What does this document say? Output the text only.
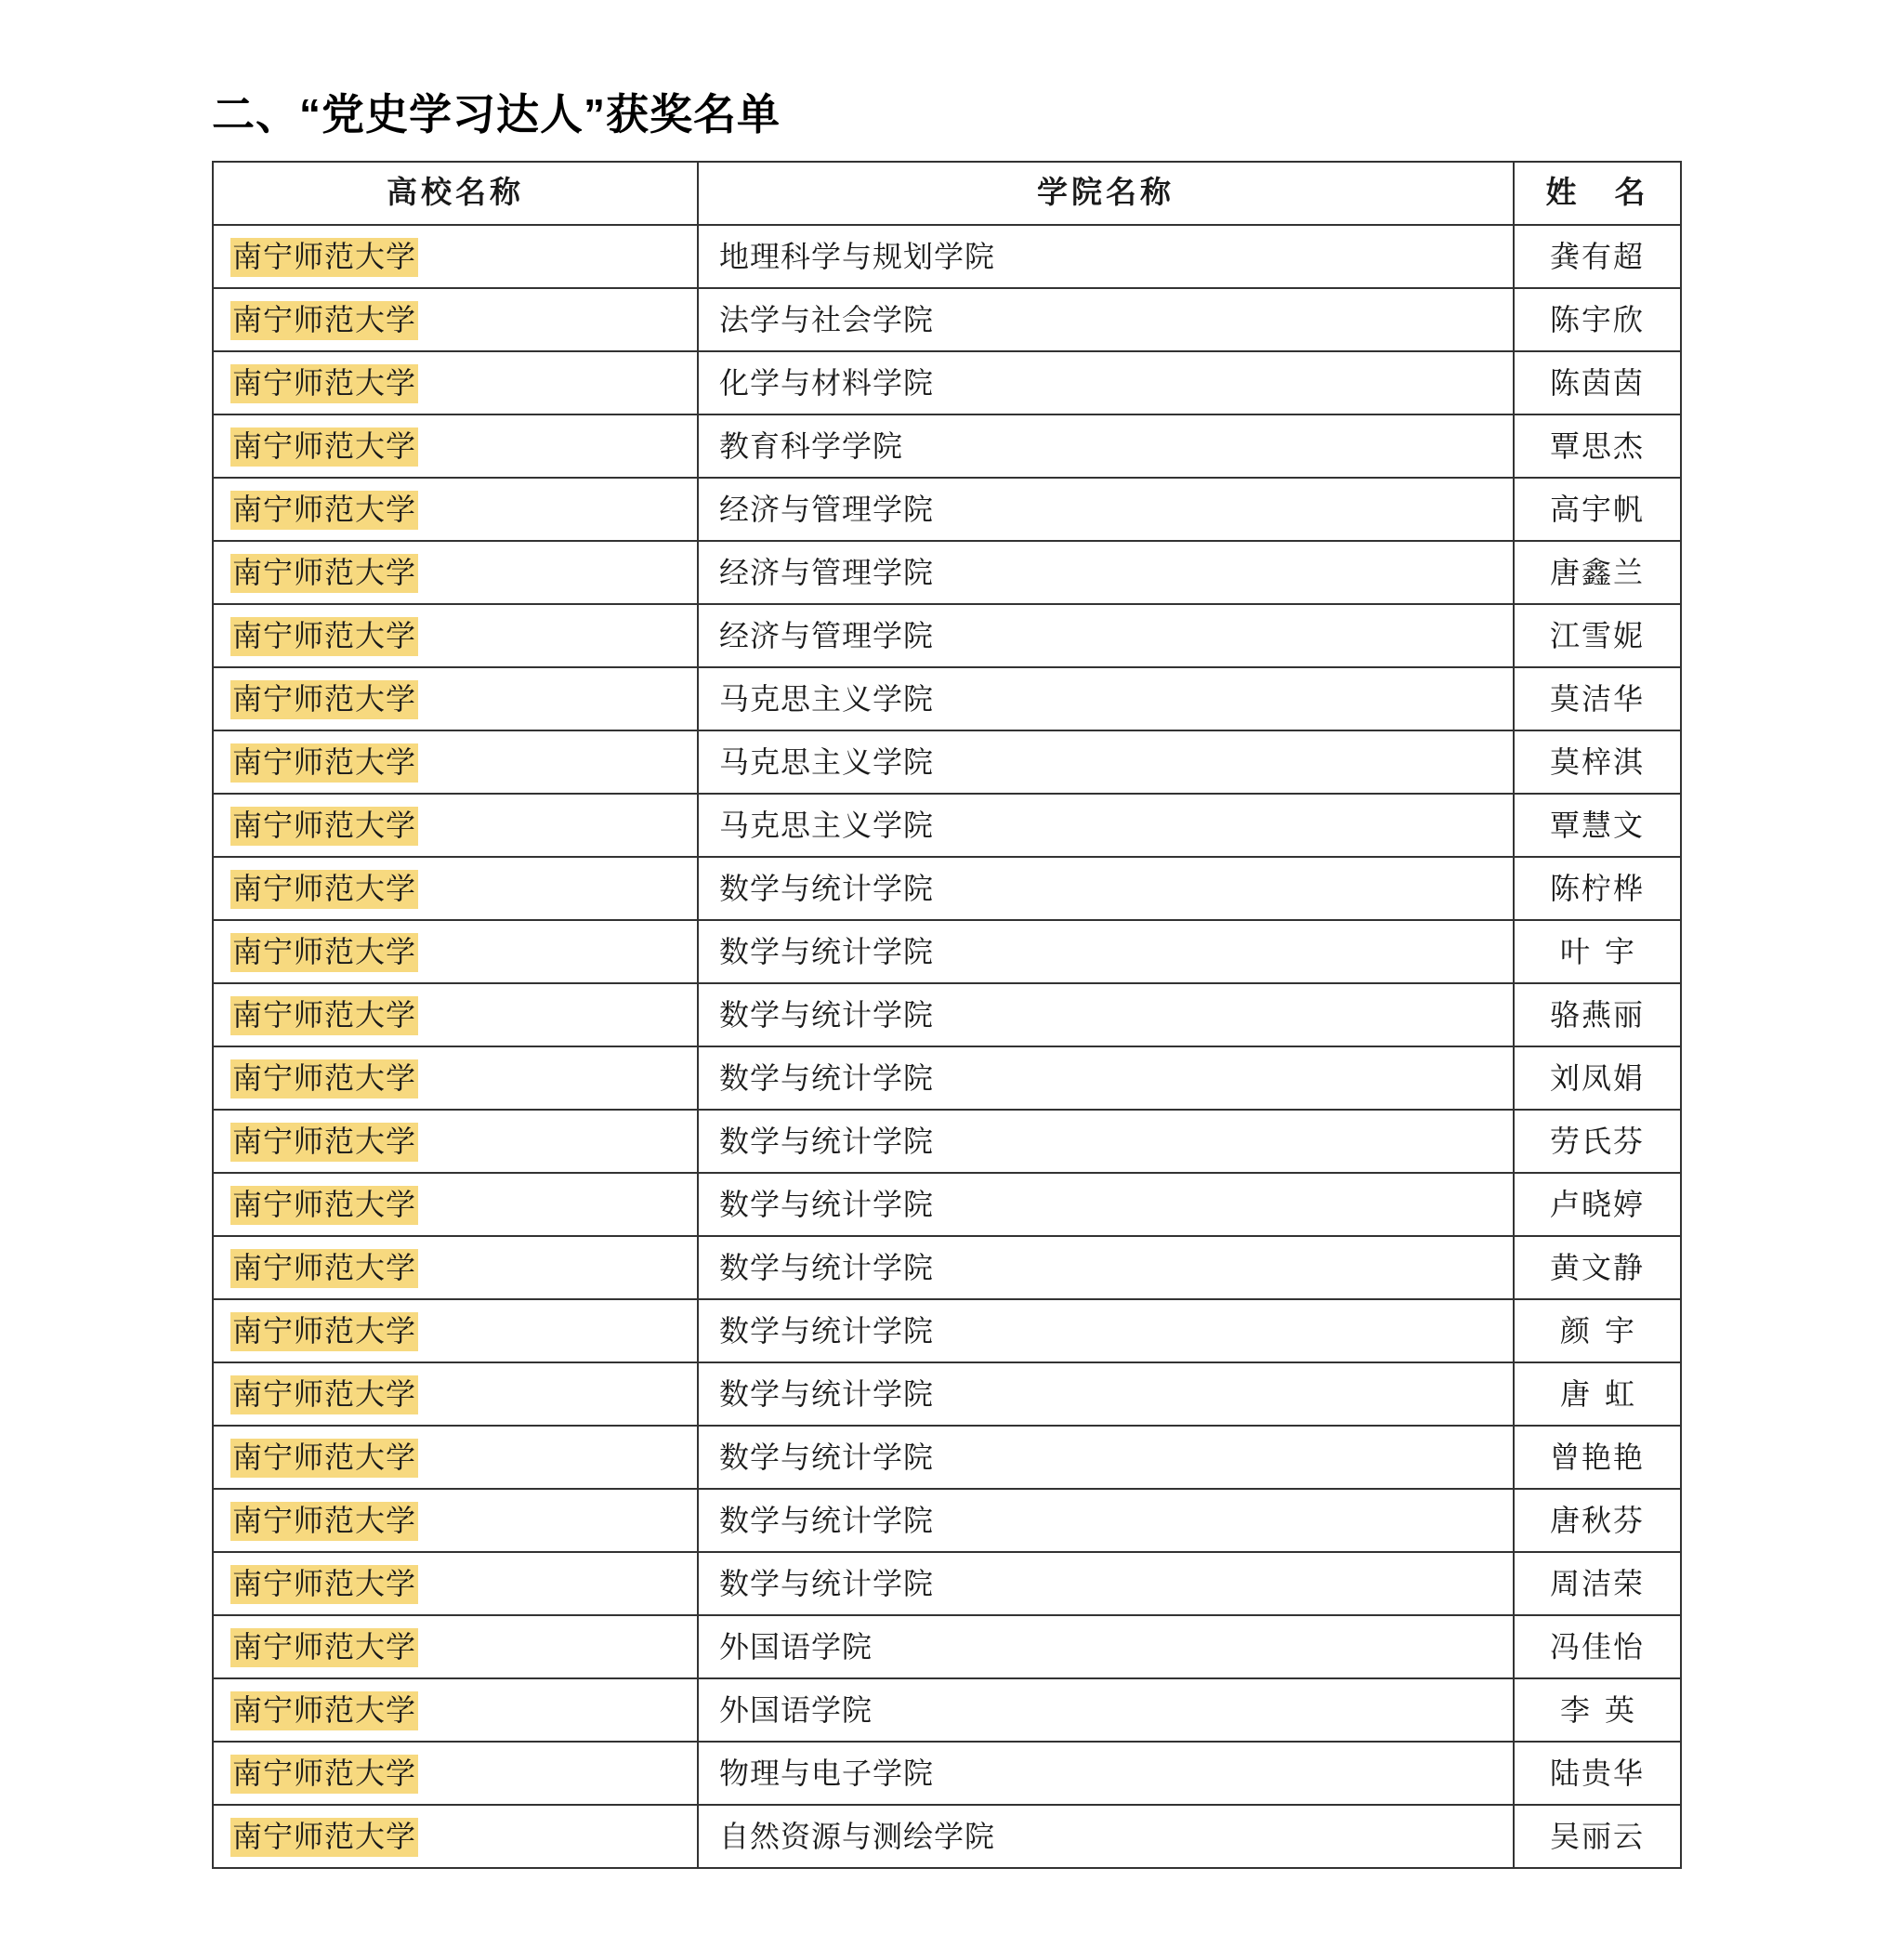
二、“党史学习达人”获奖名单
高校名称	学院名称	姓　名
南宁师范大学	地理科学与规划学院	龚有超
南宁师范大学	法学与社会学院	陈宇欣
南宁师范大学	化学与材料学院	陈茵茵
南宁师范大学	教育科学学院	覃思杰
南宁师范大学	经济与管理学院	高宇帆
南宁师范大学	经济与管理学院	唐鑫兰
南宁师范大学	经济与管理学院	江雪妮
南宁师范大学	马克思主义学院	莫洁华
南宁师范大学	马克思主义学院	莫梓淇
南宁师范大学	马克思主义学院	覃慧文
南宁师范大学	数学与统计学院	陈柠桦
南宁师范大学	数学与统计学院	叶宇
南宁师范大学	数学与统计学院	骆燕丽
南宁师范大学	数学与统计学院	刘凤娟
南宁师范大学	数学与统计学院	劳氏芬
南宁师范大学	数学与统计学院	卢晓婷
南宁师范大学	数学与统计学院	黄文静
南宁师范大学	数学与统计学院	颜宇
南宁师范大学	数学与统计学院	唐虹
南宁师范大学	数学与统计学院	曾艳艳
南宁师范大学	数学与统计学院	唐秋芬
南宁师范大学	数学与统计学院	周洁荣
南宁师范大学	外国语学院	冯佳怡
南宁师范大学	外国语学院	李英
南宁师范大学	物理与电子学院	陆贵华
南宁师范大学	自然资源与测绘学院	吴丽云
